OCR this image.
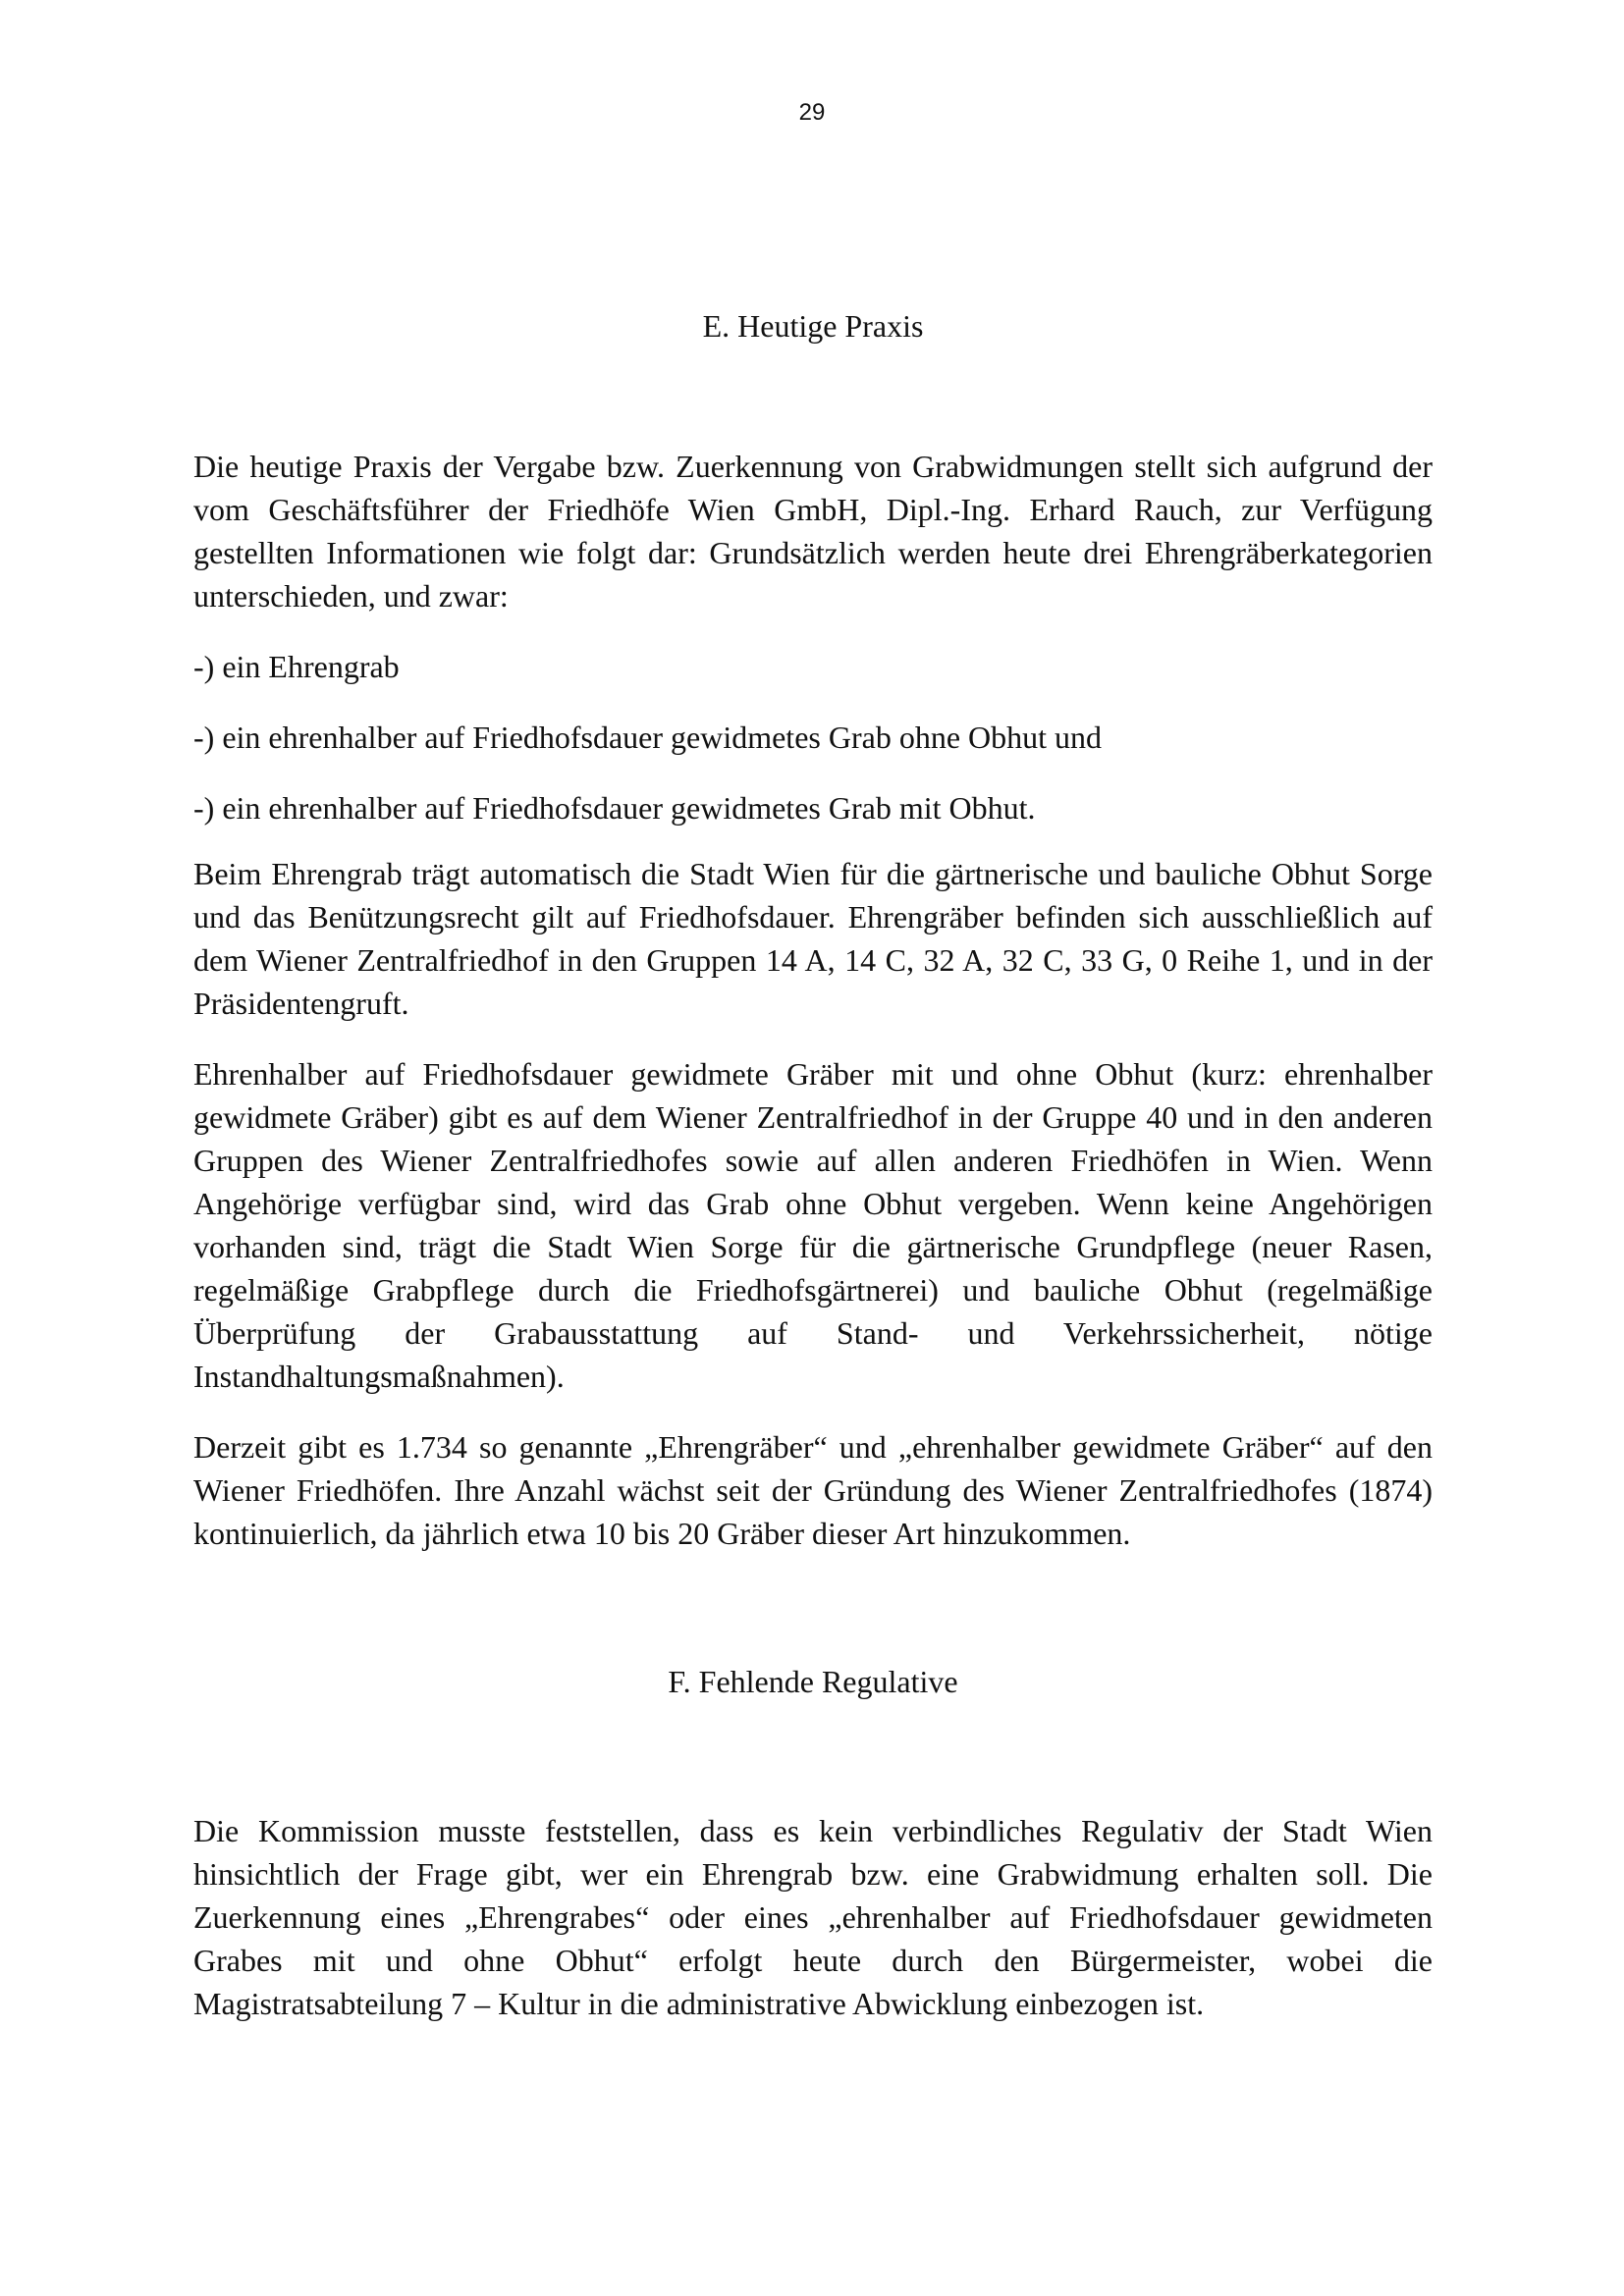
29
E. Heutige Praxis

Die heutige Praxis der Vergabe bzw. Zuerkennung von Grabwidmungen stellt sich aufgrund der vom Geschäftsführer der Friedhöfe Wien GmbH, Dipl.-Ing. Erhard Rauch, zur Verfügung gestellten Informationen wie folgt dar: Grundsätzlich werden heute drei Ehrengräberkategorien unterschieden, und zwar:

-) ein Ehrengrab
-) ein ehrenhalber auf Friedhofsdauer gewidmetes Grab ohne Obhut und
-) ein ehrenhalber auf Friedhofsdauer gewidmetes Grab mit Obhut.

Beim Ehrengrab trägt automatisch die Stadt Wien für die gärtnerische und bauliche Obhut Sorge und das Benützungsrecht gilt auf Friedhofsdauer. Ehrengräber befinden sich ausschließlich auf dem Wiener Zentralfriedhof in den Gruppen 14 A, 14 C, 32 A, 32 C, 33 G, 0 Reihe 1, und in der Präsidentengruft.

Ehrenhalber auf Friedhofsdauer gewidmete Gräber mit und ohne Obhut (kurz: ehrenhalber gewidmete Gräber) gibt es auf dem Wiener Zentralfriedhof in der Gruppe 40 und in den anderen Gruppen des Wiener Zentralfriedhofes sowie auf allen anderen Friedhöfen in Wien. Wenn Angehörige verfügbar sind, wird das Grab ohne Obhut vergeben. Wenn keine Angehörigen vorhanden sind, trägt die Stadt Wien Sorge für die gärtnerische Grundpflege (neuer Rasen, regelmäßige Grabpflege durch die Friedhofsgärtnerei) und bauliche Obhut (regelmäßige Überprüfung der Grabausstattung auf Stand- und Verkehrssicherheit, nötige Instandhaltungsmaßnahmen).

Derzeit gibt es 1.734 so genannte „Ehrengräber“ und „ehrenhalber gewidmete Gräber“ auf den Wiener Friedhöfen. Ihre Anzahl wächst seit der Gründung des Wiener Zentralfriedhofes (1874) kontinuierlich, da jährlich etwa 10 bis 20 Gräber dieser Art hinzukommen.

F. Fehlende Regulative

Die Kommission musste feststellen, dass es kein verbindliches Regulativ der Stadt Wien hinsichtlich der Frage gibt, wer ein Ehrengrab bzw. eine Grabwidmung erhalten soll. Die Zuerkennung eines „Ehrengrabes“ oder eines „ehrenhalber auf Friedhofsdauer gewidmeten Grabes mit und ohne Obhut“ erfolgt heute durch den Bürgermeister, wobei die Magistratsabteilung 7 – Kultur in die administrative Abwicklung einbezogen ist.
